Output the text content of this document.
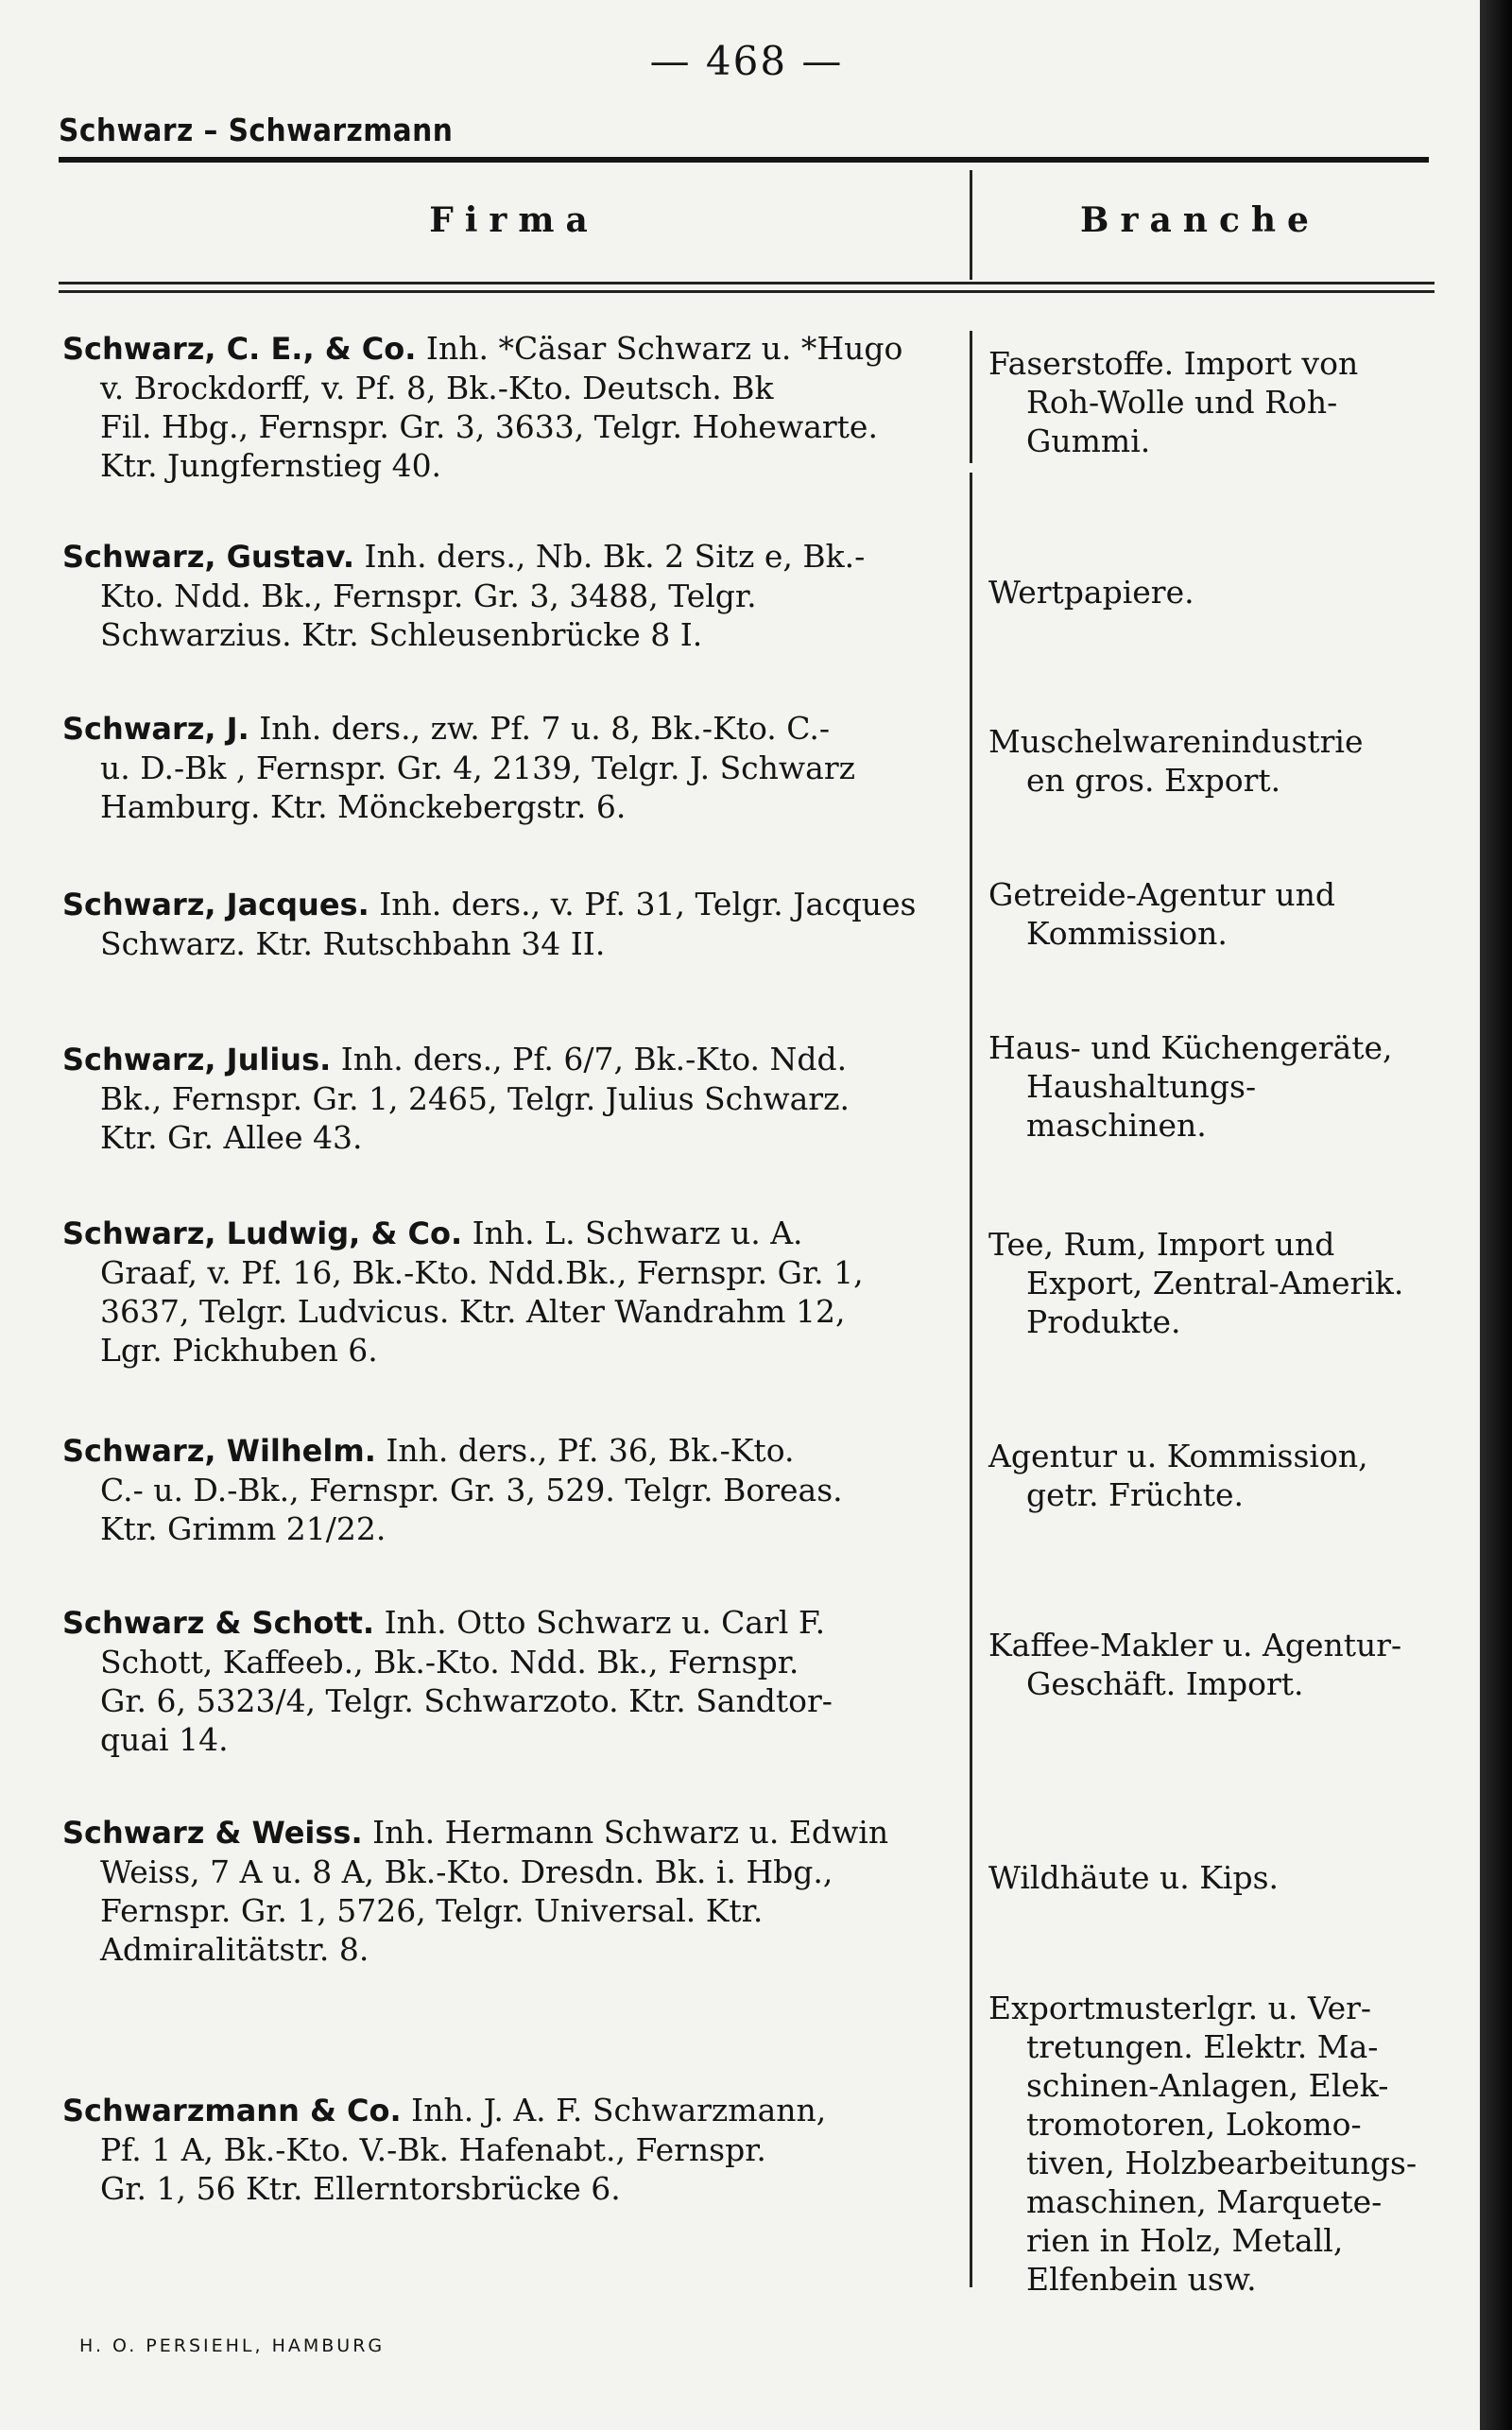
— 468 —
Schwarz – Schwarzmann
Firma	Branche
Schwarz, C. E., & Co. Inh. *Cäsar Schwarz u. *Hugo
v. Brockdorff, v. Pf. 8, Bk.-Kto. Deutsch. Bk
Fil. Hbg., Fernspr. Gr. 3, 3633, Telgr. Hohewarte.
Ktr. Jungfernstieg 40.
Faserstoffe. Import von
Roh-Wolle und Roh-
Gummi.
Schwarz, Gustav. Inh. ders., Nb. Bk. 2 Sitz e, Bk.-
Kto. Ndd. Bk., Fernspr. Gr. 3, 3488, Telgr.
Schwarzius. Ktr. Schleusenbrücke 8 I.
Wertpapiere.
Schwarz, J. Inh. ders., zw. Pf. 7 u. 8, Bk.-Kto. C.-
u. D.-Bk , Fernspr. Gr. 4, 2139, Telgr. J. Schwarz
Hamburg. Ktr. Mönckebergstr. 6.
Muschelwarenindustrie
en gros. Export.
Schwarz, Jacques. Inh. ders., v. Pf. 31, Telgr. Jacques
Schwarz. Ktr. Rutschbahn 34 II.
Getreide-Agentur und
Kommission.
Schwarz, Julius. Inh. ders., Pf. 6/7, Bk.-Kto. Ndd.
Bk., Fernspr. Gr. 1, 2465, Telgr. Julius Schwarz.
Ktr. Gr. Allee 43.
Haus- und Küchengeräte,
Haushaltungs-
maschinen.
Schwarz, Ludwig, & Co. Inh. L. Schwarz u. A.
Graaf, v. Pf. 16, Bk.-Kto. Ndd.Bk., Fernspr. Gr. 1,
3637, Telgr. Ludvicus. Ktr. Alter Wandrahm 12,
Lgr. Pickhuben 6.
Tee, Rum, Import und
Export, Zentral-Amerik.
Produkte.
Schwarz, Wilhelm. Inh. ders., Pf. 36, Bk.-Kto.
C.- u. D.-Bk., Fernspr. Gr. 3, 529. Telgr. Boreas.
Ktr. Grimm 21/22.
Agentur u. Kommission,
getr. Früchte.
Schwarz & Schott. Inh. Otto Schwarz u. Carl F.
Schott, Kaffeeb., Bk.-Kto. Ndd. Bk., Fernspr.
Gr. 6, 5323/4, Telgr. Schwarzoto. Ktr. Sandtor-
quai 14.
Kaffee-Makler u. Agentur-
Geschäft. Import.
Schwarz & Weiss. Inh. Hermann Schwarz u. Edwin
Weiss, 7 A u. 8 A, Bk.-Kto. Dresdn. Bk. i. Hbg.,
Fernspr. Gr. 1, 5726, Telgr. Universal. Ktr.
Admiralitätstr. 8.
Wildhäute u. Kips.
Schwarzmann & Co. Inh. J. A. F. Schwarzmann,
Pf. 1 A, Bk.-Kto. V.-Bk. Hafenabt., Fernspr.
Gr. 1, 56 Ktr. Ellerntorsbrücke 6.
Exportmusterlgr. u. Ver-
tretungen. Elektr. Ma-
schinen-Anlagen, Elek-
tromotoren, Lokomo-
tiven, Holzbearbeitungs-
maschinen, Marquete-
rien in Holz, Metall,
Elfenbein usw.
H. O. PERSIEHL, HAMBURG
